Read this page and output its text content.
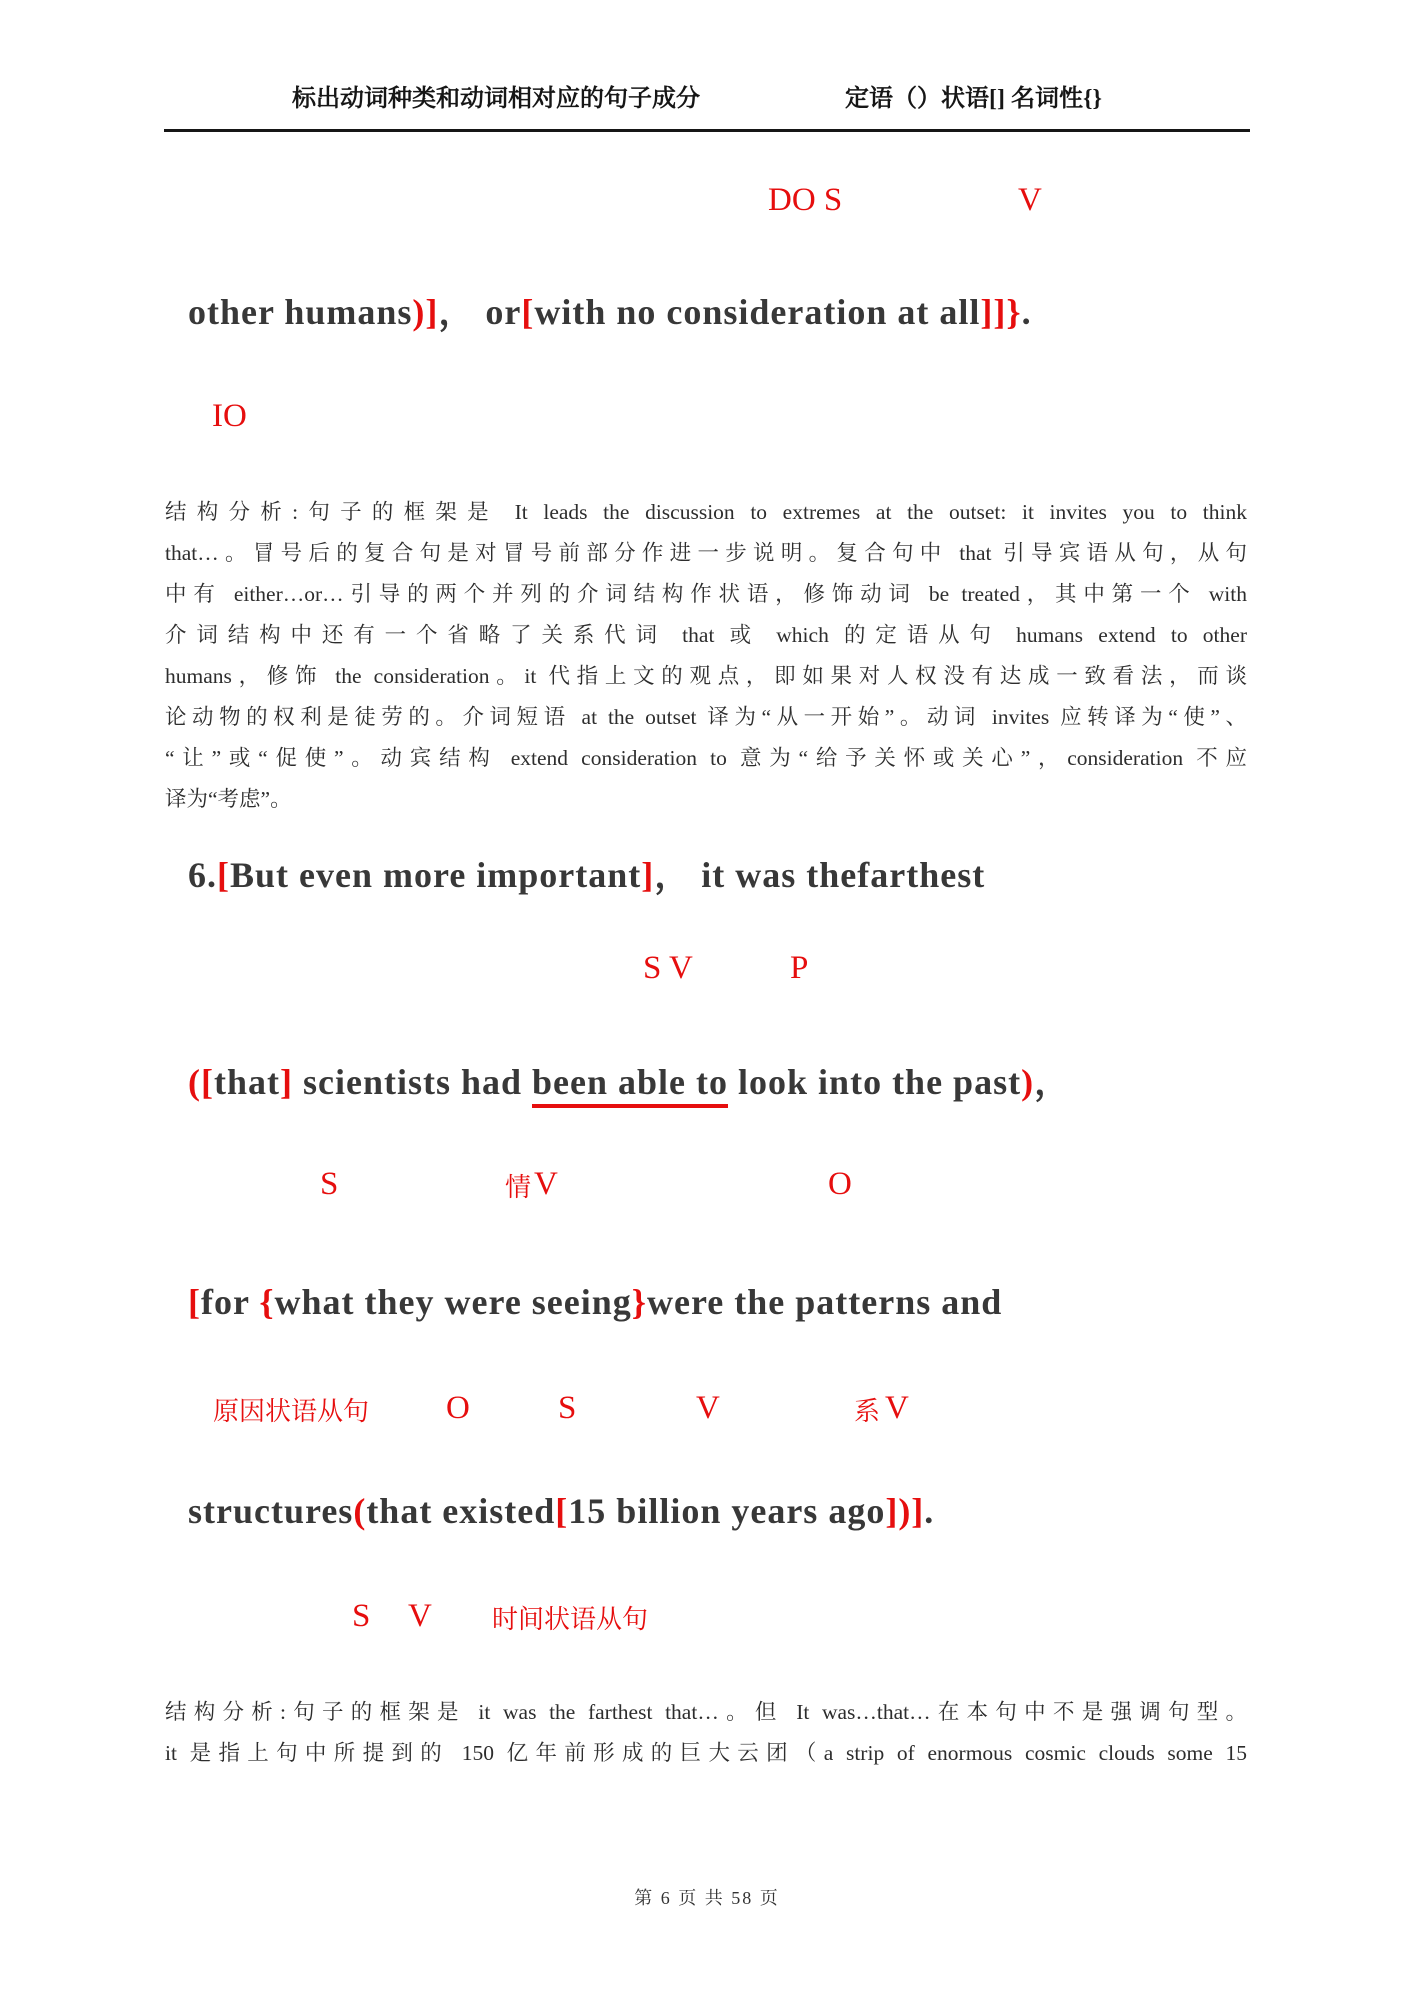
标出动词种类和动词相对应的句子成分	定语（）状语[] 名词性{}
DO S	V
IO
S V	P
S	情 V	O
原因状语从句 O	S	V	系 V
S V 时间状语从句
other humans)]， or[with no consideration at all]]}.
结构分析:句子的框架是 It leads the discussion to extremes at the outset: it invites you to think
that…。冒号后的复合句是对冒号前部分作进一步说明。复合句中 that 引导宾语从句，从句
中有 either…or…引导的两个并列的介词结构作状语，修饰动词 be treated，其中第一个 with
介词结构中还有一个省略了关系代词 that 或 which 的定语从句 humans extend to other
humans，修饰 the consideration。it 代指上文的观点，即如果对人权没有达成一致看法，而谈
论动物的权利是徒劳的。介词短语 at the outset 译为“从一开始”。动词 invites 应转译为“使”、
“让”或“促使”。动宾结构 extend consideration to 意为“给予关怀或关心”，consideration 不应
译为“考虑”。
6.[But even more important]， it was thefarthest
([that] scientists had been able to look into the past)，
[for {what they were seeing}were the patterns and
structures(that existed[15 billion years ago])].
结构分析:句子的框架是 it was the farthest that…。但 It was…that…在本句中不是强调句型。
it 是指上句中所提到的 150 亿年前形成的巨大云团（a strip of enormous cosmic clouds some 15
第 6 页 共 58 页
